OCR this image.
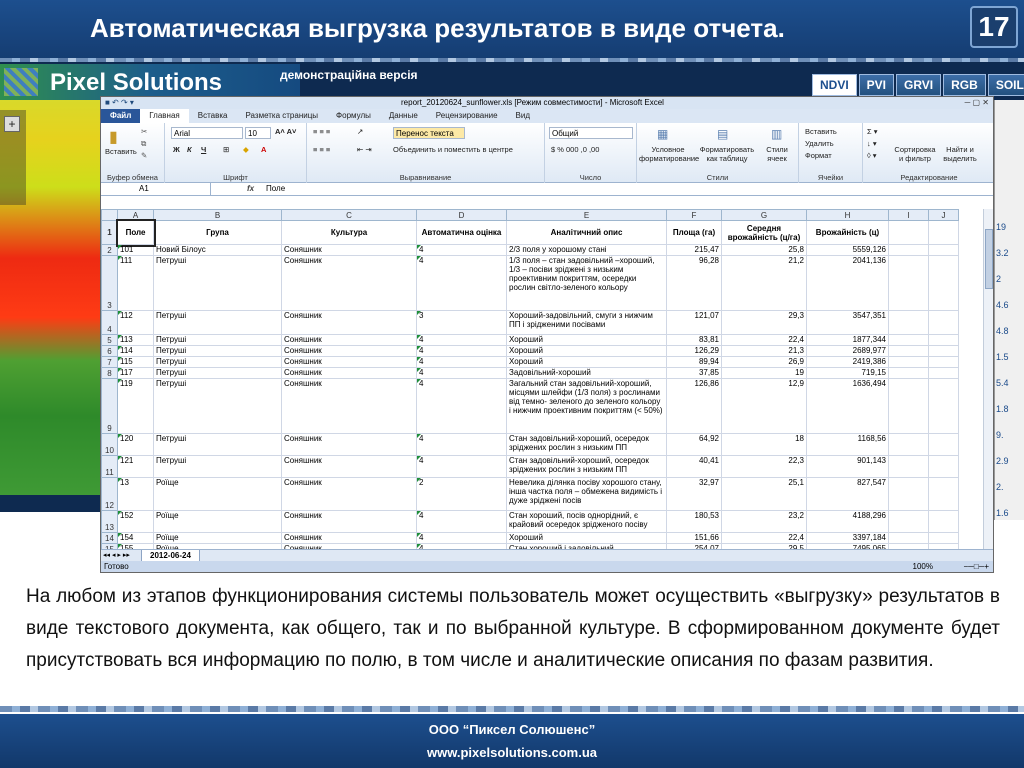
Автоматическая выгрузка результатов в виде отчета.	17
+
19
3.2
2
4.6
4.8
1.5
5.4
1.8
9.
2.9
2.
1.6
Pixel Solutions	демонстраційна версія
NDVI	PVI	GRVI	RGB	SOIL
■ ↶ ↷ ▾	report_20120624_sunflower.xls [Режим совместимости] - Microsoft Excel	─ ▢ ✕
Файл	Главная	Вставка	Разметка страницы	Формулы	Данные	Рецензирование	Вид
▮
Вставить
✂
⧉
✎
Буфер обмена
Arial	10	A˄ A˅
Ж К Ч ⊞ ◆ A
Шрифт
≡ ≡ ≡
≡ ≡ ≡
↗
⇤ ⇥
Перенос текста
Объединить и поместить в центре
Выравнивание
Общий
$ % 000 ,0 ,00
Число
▦
Условное форматирование
▤
Форматировать как таблицу
▥
Стили ячеек
Стили
Вставить
Удалить
Формат
Ячейки
Σ ▾
↓ ▾
◊ ▾
Сортировка и фильтр
Найти и выделить
Редактирование
A1	fx Поле
	A	B	C	D	E	F	G	H	I	J
1	Поле	Група	Культура	Автоматична оцінка	Аналітичний опис	Площа (га)	Середня врожайність (ц/га)	Врожайність (ц)		
2	101	Новий Білоус	Соняшник	4	2/3 поля у хорошому стані	215,47	25,8	5559,126		
3	111	Петруші	Соняшник	4	1/3 поля – стан задовільний –хороший, 1/3 – посіви зріджені з низьким проективним покриттям, осередки рослин світло-зеленого кольору	96,28	21,2	2041,136		
4	112	Петруші	Соняшник	3	Хороший-задовільний, смуги з нижчим ПП і зрідженими посівами	121,07	29,3	3547,351		
5	113	Петруші	Соняшник	4	Хороший	83,81	22,4	1877,344		
6	114	Петруші	Соняшник	4	Хороший	126,29	21,3	2689,977		
7	115	Петруші	Соняшник	4	Хороший	89,94	26,9	2419,386		
8	117	Петруші	Соняшник	4	Задовільний-хороший	37,85	19	719,15		
9	119	Петруші	Соняшник	4	Загальний стан задовільний-хороший, місцями шлейфи (1/3 поля) з рослинами від темно- зеленого до зеленого кольору і нижчим проективним покриттям (< 50%)	126,86	12,9	1636,494		
10	120	Петруші	Соняшник	4	Стан задовільний-хороший, осередок зріджених рослин з низьким ПП	64,92	18	1168,56		
11	121	Петруші	Соняшник	4	Стан задовільний-хороший, осередок зріджених рослин з низьким ПП	40,41	22,3	901,143		
12	13	Роїще	Соняшник	2	Невелика ділянка посіву хорошого стану, інша частка поля – обмежена видимість і дуже зріджені посів	32,97	25,1	827,547		
13	152	Роїще	Соняшник	4	Стан хороший, посів однорідний, є крайовий осередок зрідженого посіву	180,53	23,2	4188,296		
14	154	Роїще	Соняшник	4	Хороший	151,66	22,4	3397,184		

◂◂ ◂ ▸ ▸▸	2012-06-24
Готово	100%	−─□─+
На любом из этапов функционирования системы пользователь может осуществить «выгрузку» результатов в виде текстового документа, как общего, так и по выбранной культуре. В сформированном документе будет присутствовать вся информацию по полю, в том числе и аналитические описания по фазам развития.
ООО “Пиксел Солюшенс”
www.pixelsolutions.com.ua
